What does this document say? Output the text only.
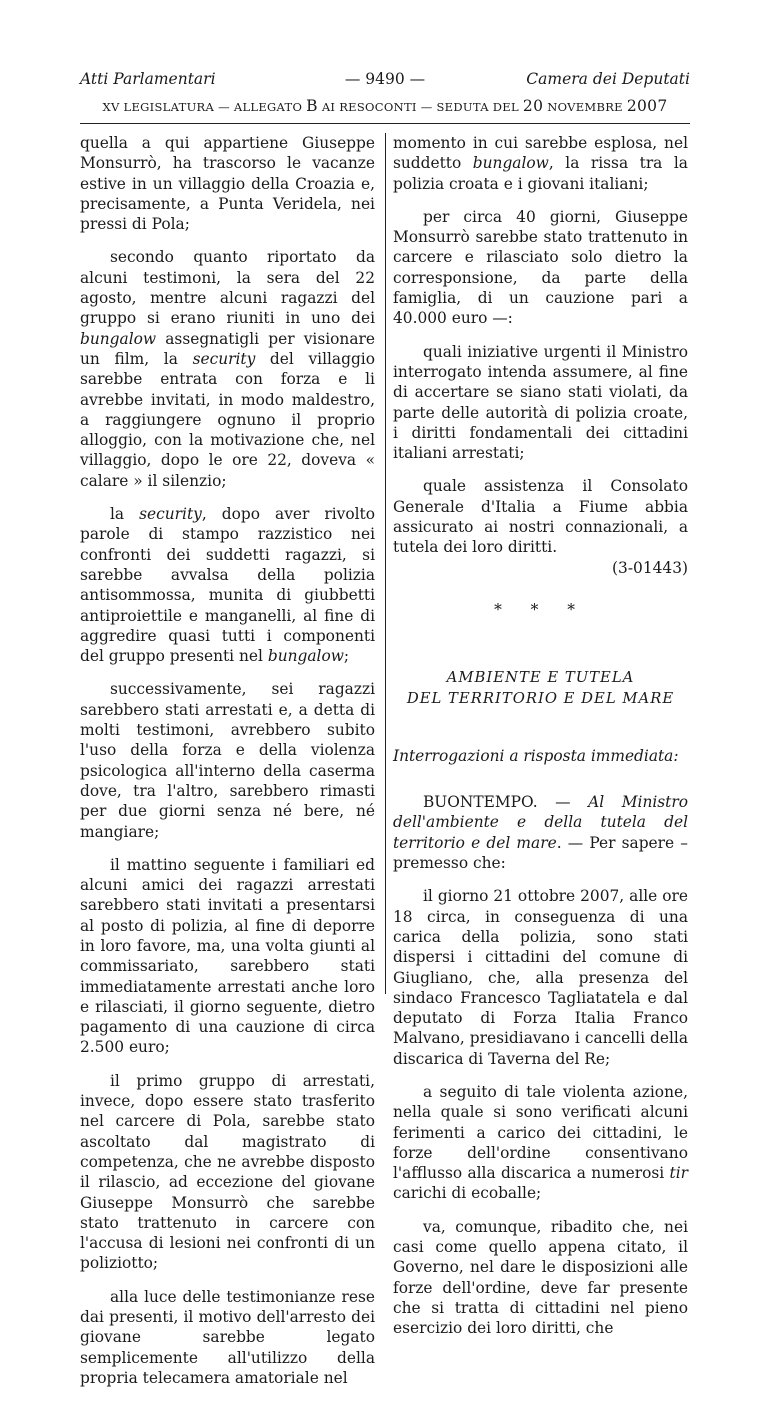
Atti Parlamentari	— 9490 —	Camera dei Deputati
XV LEGISLATURA — ALLEGATO B AI RESOCONTI — SEDUTA DEL 20 NOVEMBRE 2007

quella a qui appartiene Giuseppe Monsurrò, ha trascorso le vacanze estive in un villaggio della Croazia e, precisamente, a Punta Veridela, nei pressi di Pola;

secondo quanto riportato da alcuni testimoni, la sera del 22 agosto, mentre alcuni ragazzi del gruppo si erano riuniti in uno dei bungalow assegnatigli per visionare un film, la security del villaggio sarebbe entrata con forza e li avrebbe invitati, in modo maldestro, a raggiungere ognuno il proprio alloggio, con la motivazione che, nel villaggio, dopo le ore 22, doveva « calare » il silenzio;

la security, dopo aver rivolto parole di stampo razzistico nei confronti dei suddetti ragazzi, si sarebbe avvalsa della polizia antisommossa, munita di giubbetti antiproiettile e manganelli, al fine di aggredire quasi tutti i componenti del gruppo presenti nel bungalow;

successivamente, sei ragazzi sarebbero stati arrestati e, a detta di molti testimoni, avrebbero subito l'uso della forza e della violenza psicologica all'interno della caserma dove, tra l'altro, sarebbero rimasti per due giorni senza né bere, né mangiare;

il mattino seguente i familiari ed alcuni amici dei ragazzi arrestati sarebbero stati invitati a presentarsi al posto di polizia, al fine di deporre in loro favore, ma, una volta giunti al commissariato, sarebbero stati immediatamente arrestati anche loro e rilasciati, il giorno seguente, dietro pagamento di una cauzione di circa 2.500 euro;

il primo gruppo di arrestati, invece, dopo essere stato trasferito nel carcere di Pola, sarebbe stato ascoltato dal magistrato di competenza, che ne avrebbe disposto il rilascio, ad eccezione del giovane Giuseppe Monsurrò che sarebbe stato trattenuto in carcere con l'accusa di lesioni nei confronti di un poliziotto;

alla luce delle testimonianze rese dai presenti, il motivo dell'arresto dei giovane sarebbe legato semplicemente all'utilizzo della propria telecamera amatoriale nel

momento in cui sarebbe esplosa, nel suddetto bungalow, la rissa tra la polizia croata e i giovani italiani;

per circa 40 giorni, Giuseppe Monsurrò sarebbe stato trattenuto in carcere e rilasciato solo dietro la corresponsione, da parte della famiglia, di un cauzione pari a 40.000 euro —:

quali iniziative urgenti il Ministro interrogato intenda assumere, al fine di accertare se siano stati violati, da parte delle autorità di polizia croate, i diritti fondamentali dei cittadini italiani arrestati;

quale assistenza il Consolato Generale d'Italia a Fiume abbia assicurato ai nostri connazionali, a tutela dei loro diritti.
(3-01443)

* * *
AMBIENTE E TUTELA
DEL TERRITORIO E DEL MARE
Interrogazioni a risposta immediata:

BUONTEMPO. — Al Ministro dell'ambiente e della tutela del territorio e del mare. — Per sapere – premesso che:

il giorno 21 ottobre 2007, alle ore 18 circa, in conseguenza di una carica della polizia, sono stati dispersi i cittadini del comune di Giugliano, che, alla presenza del sindaco Francesco Tagliatatela e dal deputato di Forza Italia Franco Malvano, presidiavano i cancelli della discarica di Taverna del Re;

a seguito di tale violenta azione, nella quale si sono verificati alcuni ferimenti a carico dei cittadini, le forze dell'ordine consentivano l'afflusso alla discarica a numerosi tir carichi di ecoballe;

va, comunque, ribadito che, nei casi come quello appena citato, il Governo, nel dare le disposizioni alle forze dell'ordine, deve far presente che si tratta di cittadini nel pieno esercizio dei loro diritti, che
